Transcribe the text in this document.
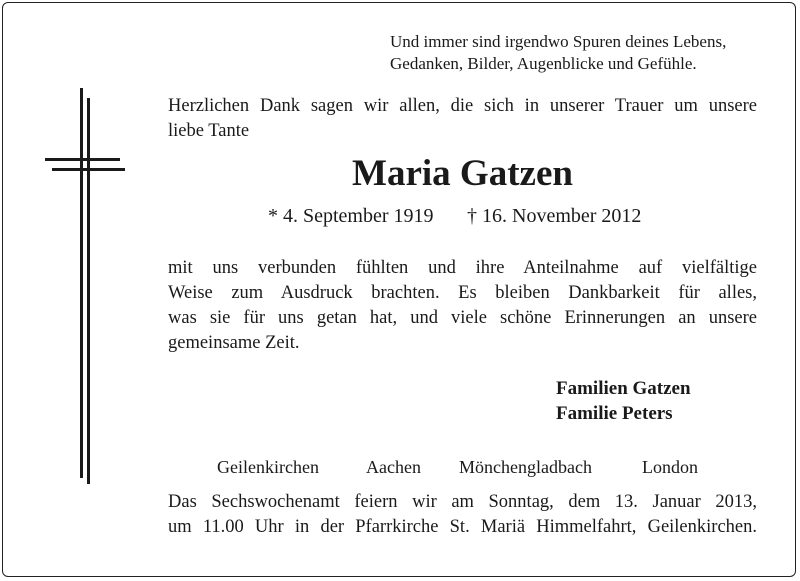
Und immer sind irgendwo Spuren deines Lebens,

Gedanken, Bilder, Augenblicke und Gefühle.

Herzlichen Dank sagen wir allen, die sich in unserer Trauer um unsere
liebe Tante
Maria Gatzen

* 4. September 1919 † 16. November 2012

mit uns verbunden fühlten und ihre Anteilnahme auf vielfältige
Weise zum Ausdruck brachten. Es bleiben Dankbarkeit für alles,
was sie für uns getan hat, und viele schöne Erinnerungen an unsere
gemeinsame Zeit.

Familien Gatzen

Familie Peters

Geilenkirchen	Aachen Mönchengladbach	London

Das Sechswochenamt feiern wir am Sonntag, dem 13. Januar 2013,
um 11.00 Uhr in der Pfarrkirche St. Mariä Himmelfahrt, Geilenkirchen.
